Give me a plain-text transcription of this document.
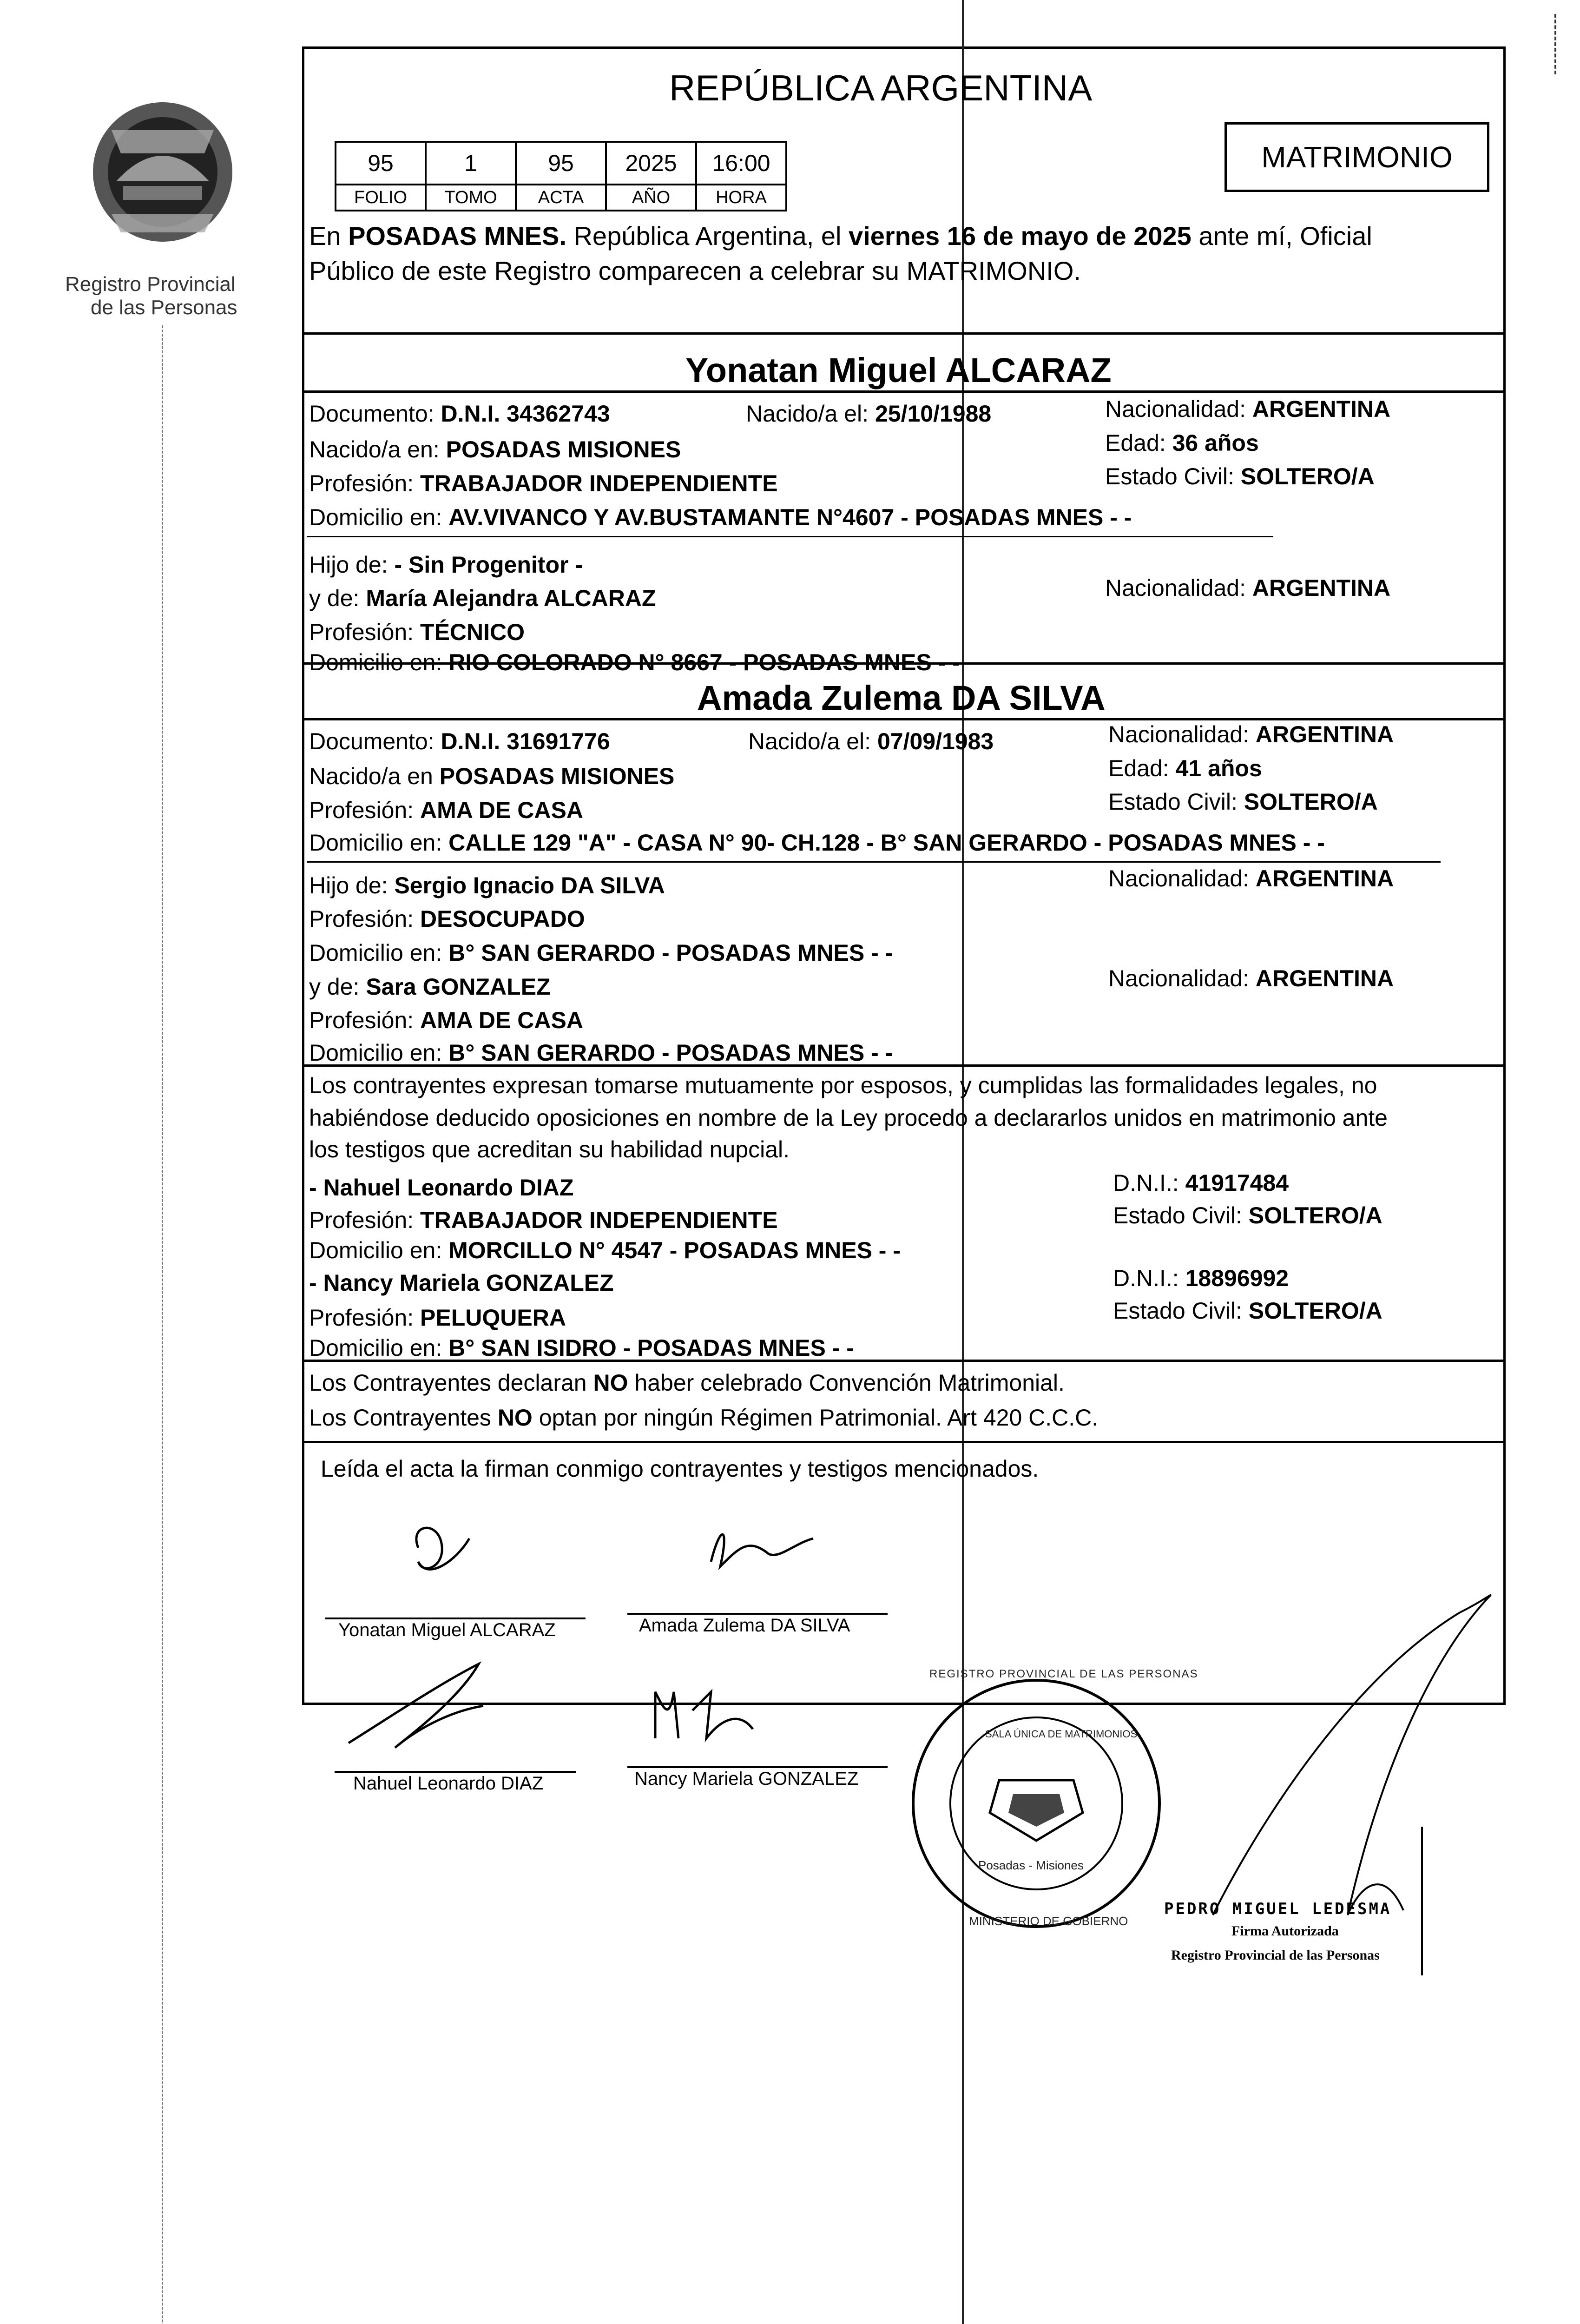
Registro Provincial
de las Personas
REPÚBLICA ARGENTINA
95	1	95	2025	16:00
FOLIO	TOMO	ACTA	AÑO	HORA
MATRIMONIO
En POSADAS MNES. República Argentina, el viernes 16 de mayo de 2025 ante mí, Oficial
Público de este Registro comparecen a celebrar su MATRIMONIO.
Yonatan Miguel ALCARAZ
Documento: D.N.I. 34362743	Nacido/a el: 25/10/1988	Nacionalidad: ARGENTINA
Nacido/a en: POSADAS MISIONES	Edad: 36 años
Profesión: TRABAJADOR INDEPENDIENTE	Estado Civil: SOLTERO/A
Domicilio en: AV.VIVANCO Y AV.BUSTAMANTE N°4607 - POSADAS MNES - -
Hijo de: - Sin Progenitor -
y de: María Alejandra ALCARAZ	Nacionalidad: ARGENTINA
Profesión: TÉCNICO
Domicilio en: RIO COLORADO N° 8667 - POSADAS MNES - -
Amada Zulema DA SILVA
Documento: D.N.I. 31691776	Nacido/a el: 07/09/1983	Nacionalidad: ARGENTINA
Nacido/a en POSADAS MISIONES	Edad: 41 años
Profesión: AMA DE CASA	Estado Civil: SOLTERO/A
Domicilio en: CALLE 129 "A" - CASA N° 90- CH.128 - B° SAN GERARDO - POSADAS MNES - -
Hijo de: Sergio Ignacio DA SILVA	Nacionalidad: ARGENTINA
Profesión: DESOCUPADO
Domicilio en: B° SAN GERARDO - POSADAS MNES - -
y de: Sara GONZALEZ	Nacionalidad: ARGENTINA
Profesión: AMA DE CASA
Domicilio en: B° SAN GERARDO - POSADAS MNES - -
Los contrayentes expresan tomarse mutuamente por esposos, y cumplidas las formalidades legales, no
habiéndose deducido oposiciones en nombre de la Ley procedo a declararlos unidos en matrimonio ante
los testigos que acreditan su habilidad nupcial.
- Nahuel Leonardo DIAZ	D.N.I.: 41917484
Profesión: TRABAJADOR INDEPENDIENTE	Estado Civil: SOLTERO/A
Domicilio en: MORCILLO N° 4547 - POSADAS MNES - -
- Nancy Mariela GONZALEZ	D.N.I.: 18896992
Profesión: PELUQUERA	Estado Civil: SOLTERO/A
Domicilio en: B° SAN ISIDRO - POSADAS MNES - -
Los Contrayentes declaran NO haber celebrado Convención Matrimonial.
Los Contrayentes NO optan por ningún Régimen Patrimonial. Art 420 C.C.C.
Leída el acta la firman conmigo contrayentes y testigos mencionados.
Yonatan Miguel ALCARAZ	Amada Zulema DA SILVA
Nahuel Leonardo DIAZ	Nancy Mariela GONZALEZ
REGISTRO PROVINCIAL DE LAS PERSONAS
SALA ÚNICA DE MATRIMONIOS
Posadas - Misiones
MINISTERIO DE GOBIERNO
PEDRO MIGUEL LEDESMA
Firma Autorizada
Registro Provincial de las Personas
